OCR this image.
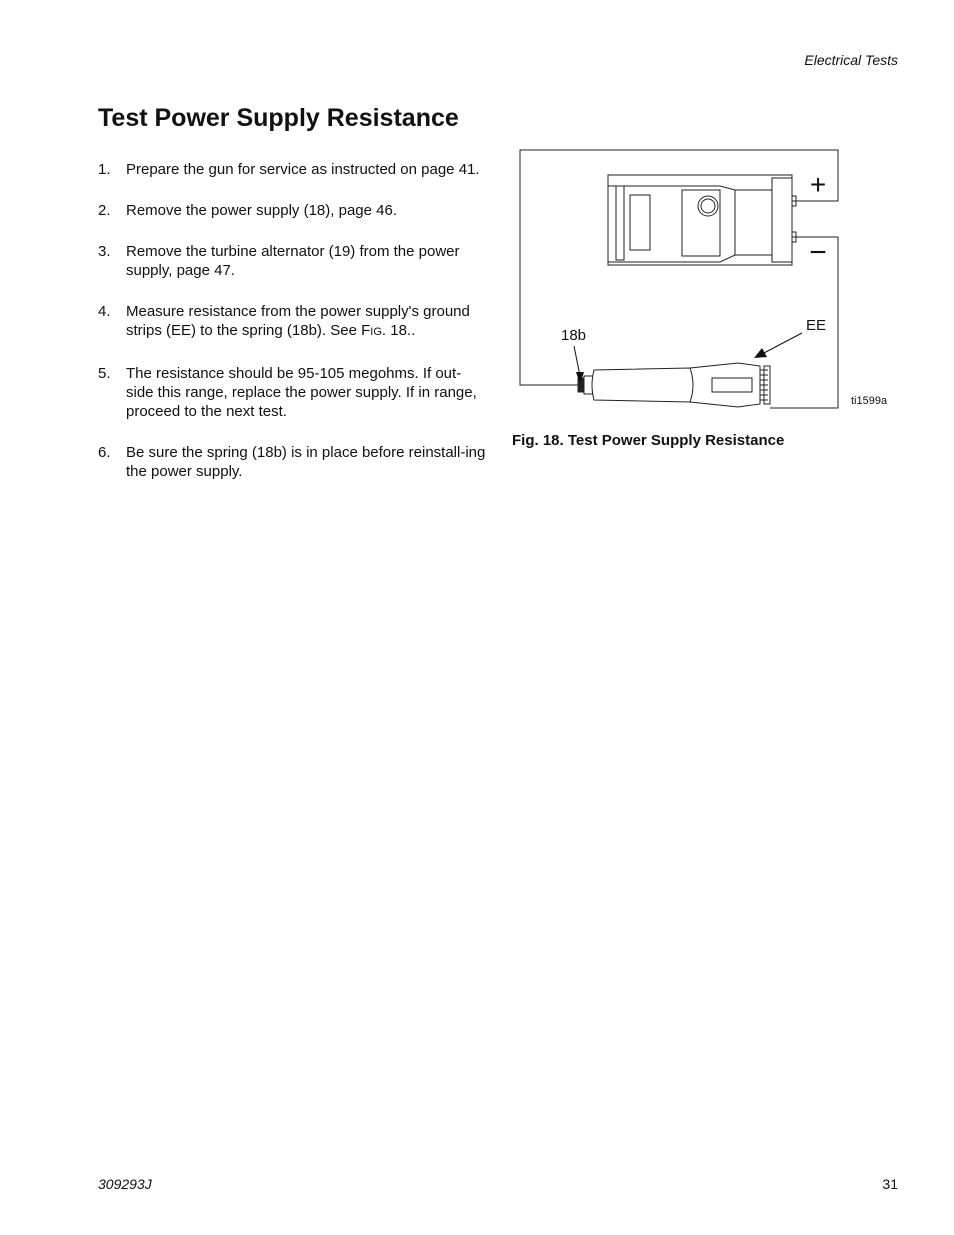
Electrical Tests
Test Power Supply Resistance
1.	Prepare the gun for service as instructed on page 41.
2.	Remove the power supply (18), page 46.
3.	Remove the turbine alternator (19) from the power supply, page 47.
4.	Measure resistance from the power supply's ground strips (EE) to the spring (18b). See FIG. 18..
5.	The resistance should be 95-105 megohms. If out-side this range, replace the power supply. If in range, proceed to the next test.
6.	Be sure the spring (18b) is in place before reinstall-ing the power supply.
+
−
18b
EE
ti1599a
Fig. 18. Test Power Supply Resistance
309293J	31
